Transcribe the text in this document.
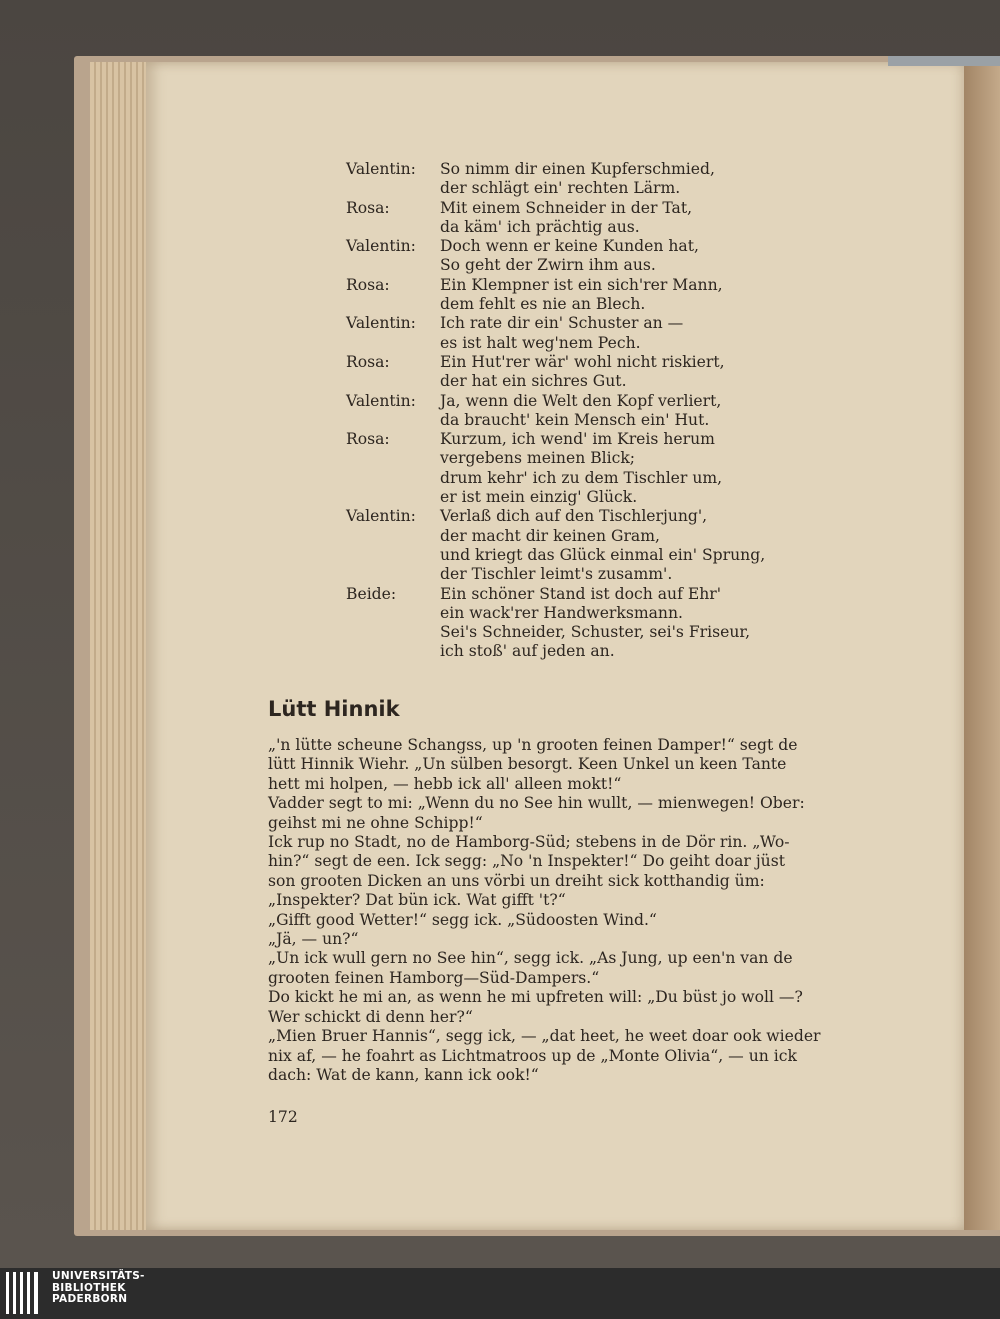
Valentin:	So nimm dir einen Kupferschmied,
der schlägt ein' rechten Lärm.
Rosa:	Mit einem Schneider in der Tat,
da käm' ich prächtig aus.
Valentin:	Doch wenn er keine Kunden hat,
So geht der Zwirn ihm aus.
Rosa:	Ein Klempner ist ein sich'rer Mann,
dem fehlt es nie an Blech.
Valentin:	Ich rate dir ein' Schuster an —
es ist halt weg'nem Pech.
Rosa:	Ein Hut'rer wär' wohl nicht riskiert,
der hat ein sichres Gut.
Valentin:	Ja, wenn die Welt den Kopf verliert,
da braucht' kein Mensch ein' Hut.
Rosa:	Kurzum, ich wend' im Kreis herum
vergebens meinen Blick;
drum kehr' ich zu dem Tischler um,
er ist mein einzig' Glück.
Valentin:	Verlaß dich auf den Tischlerjung',
der macht dir keinen Gram,
und kriegt das Glück einmal ein' Sprung,
der Tischler leimt's zusamm'.
Beide:	Ein schöner Stand ist doch auf Ehr'
ein wack'rer Handwerksmann.
Sei's Schneider, Schuster, sei's Friseur,
ich stoß' auf jeden an.
Lütt Hinnik

„'n lütte scheune Schangss, up 'n grooten feinen Damper!“ segt de
lütt Hinnik Wiehr. „Un sülben besorgt. Keen Unkel un keen Tante
hett mi holpen, — hebb ick all' alleen mokt!“

Vadder segt to mi: „Wenn du no See hin wullt, — mienwegen! Ober:
geihst mi ne ohne Schipp!“

Ick rup no Stadt, no de Hamborg-Süd; stebens in de Dör rin. „Wo-
hin?“ segt de een. Ick segg: „No 'n Inspekter!“ Do geiht doar jüst
son grooten Dicken an uns vörbi un dreiht sick kotthandig üm:
„Inspekter? Dat bün ick. Wat gifft 't?“

„Gifft good Wetter!“ segg ick. „Südoosten Wind.“

„Jä, — un?“

„Un ick wull gern no See hin“, segg ick. „As Jung, up een'n van de
grooten feinen Hamborg—Süd-Dampers.“

Do kickt he mi an, as wenn he mi upfreten will: „Du büst jo woll —?
Wer schickt di denn her?“

„Mien Bruer Hannis“, segg ick, — „dat heet, he weet doar ook wieder
nix af, — he foahrt as Lichtmatroos up de „Monte Olivia“, — un ick
dach: Wat de kann, kann ick ook!“

172
UNIVERSITÄTS-
BIBLIOTHEK
PADERBORN
